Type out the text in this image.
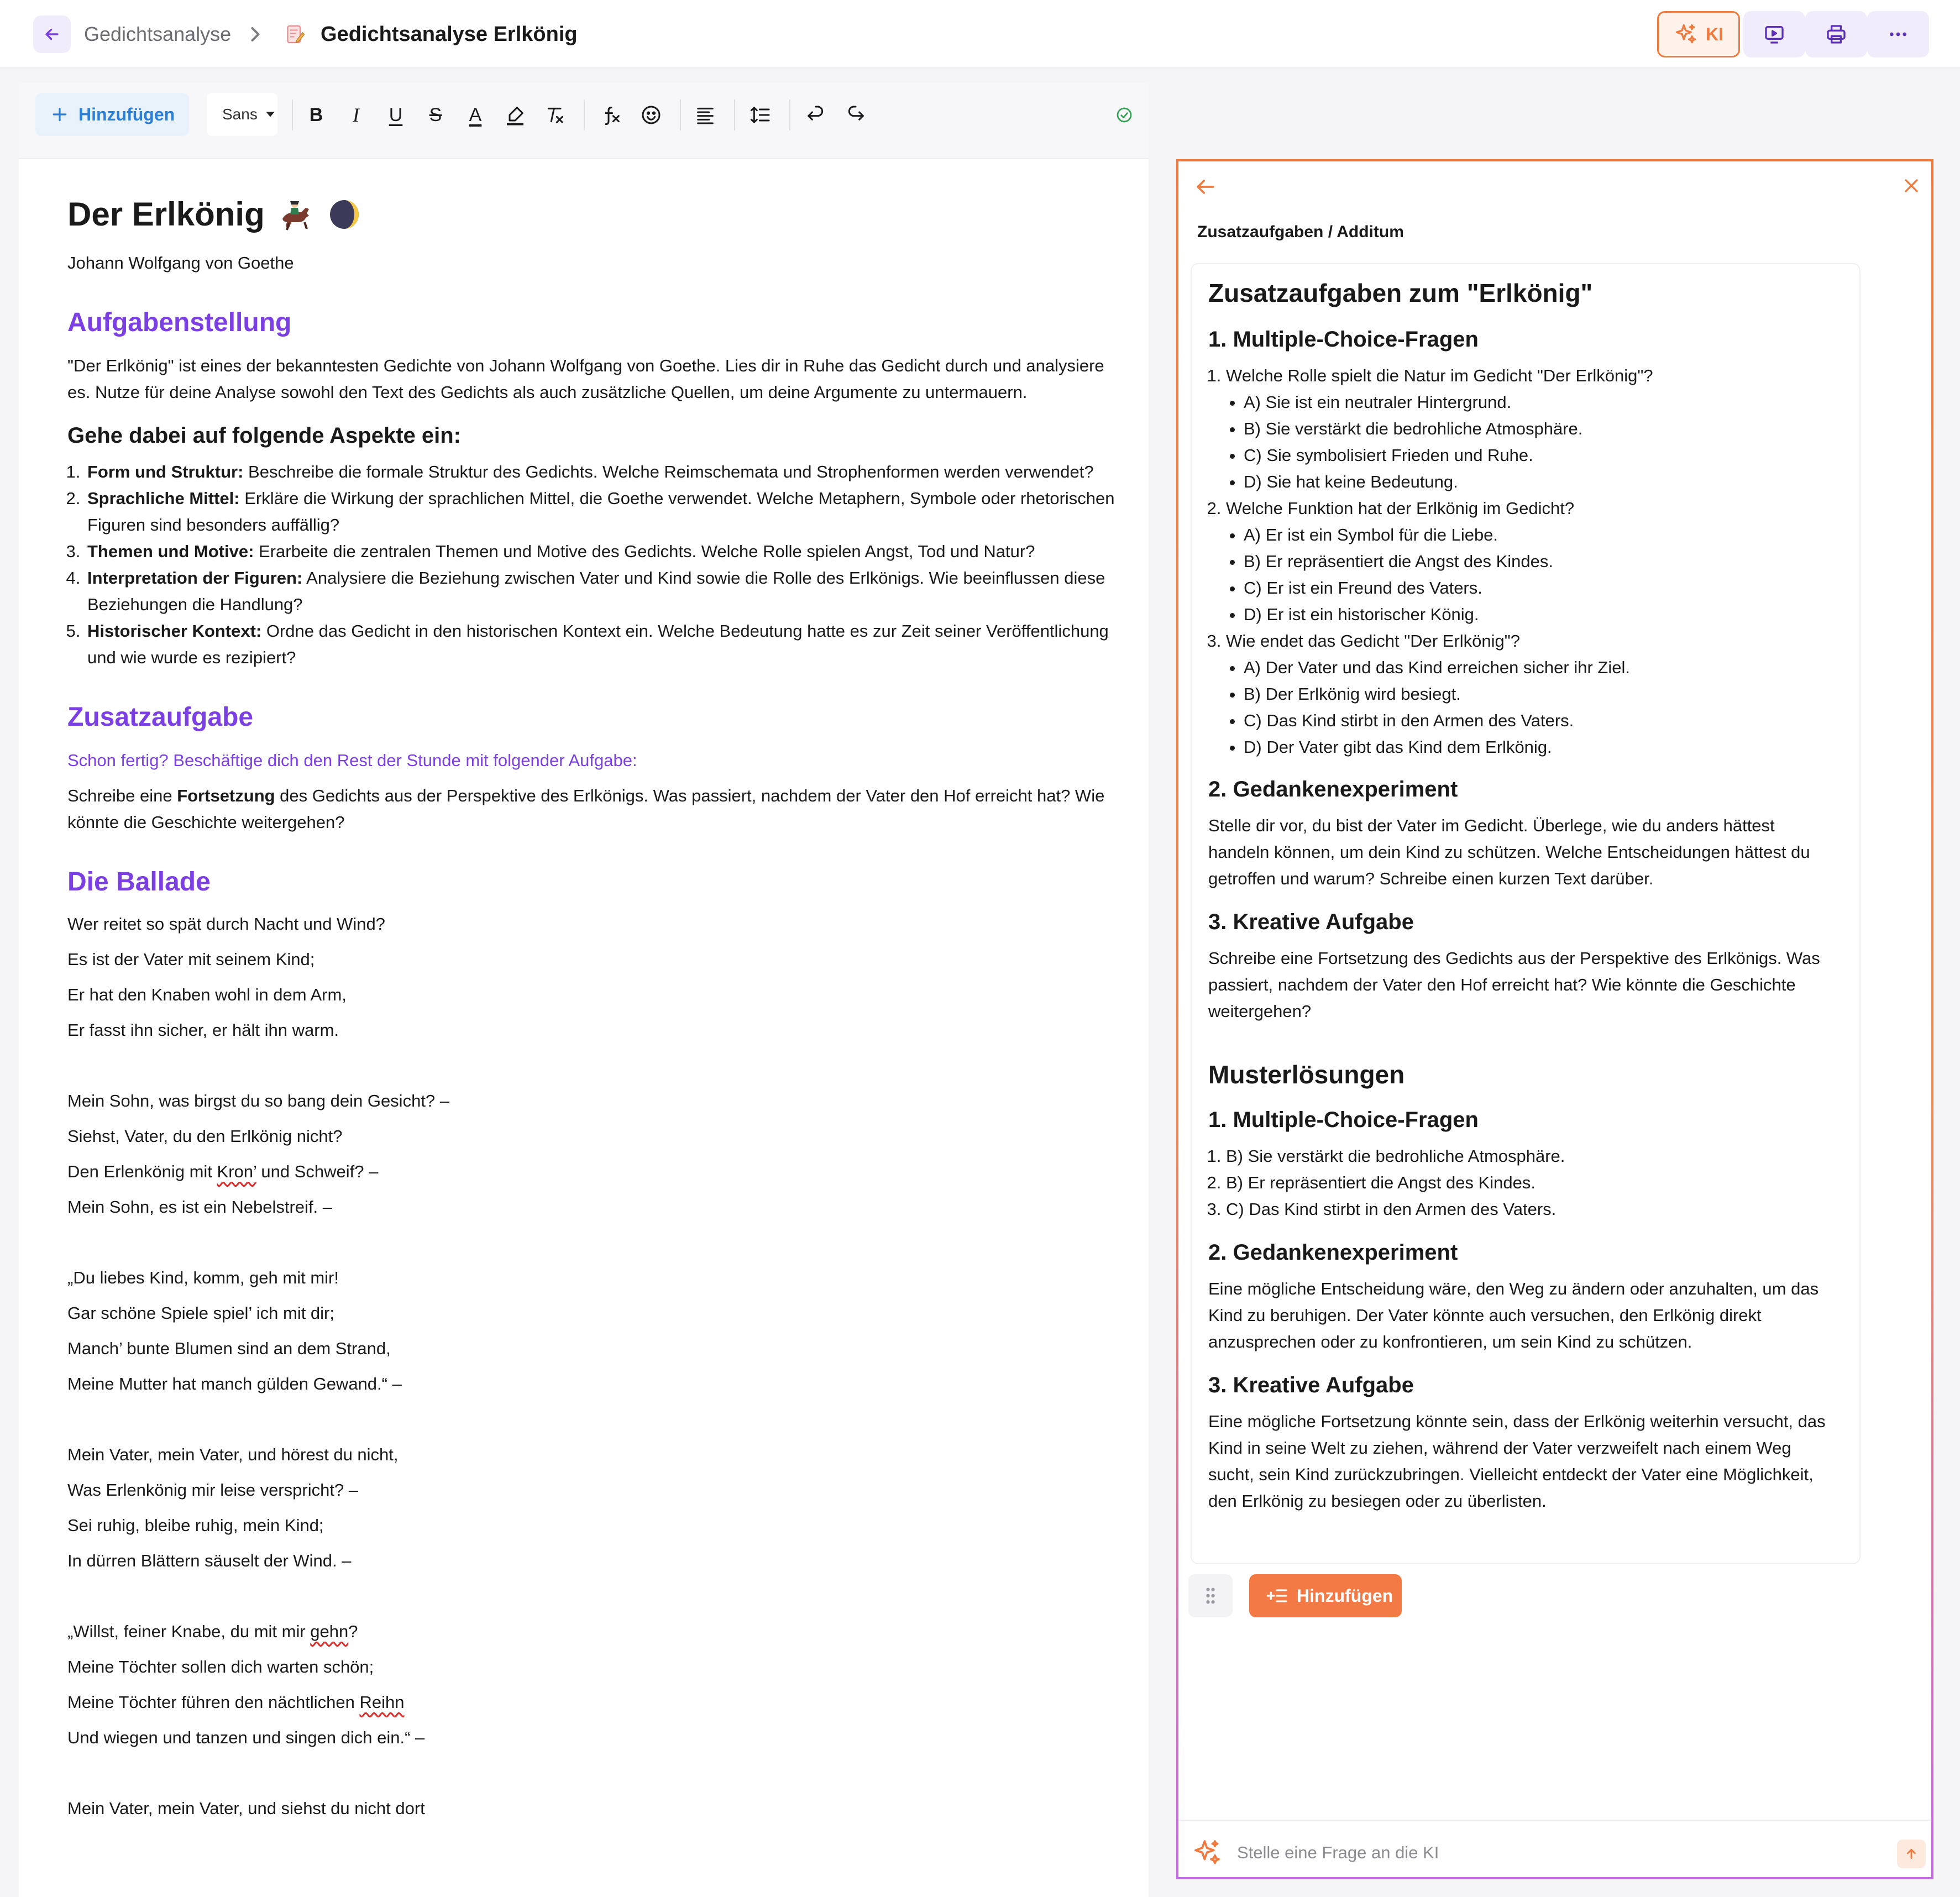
Gedichtsanalyse	Gedichtsanalyse Erlkönig	KI
Hinzufügen	Sans	B	I	U	S	A
Der Erlkönig
Johann Wolfgang von Goethe
Aufgabenstellung

"Der Erlkönig" ist eines der bekanntesten Gedichte von Johann Wolfgang von Goethe. Lies dir in Ruhe das Gedicht durch und analysiere es. Nutze für deine Analyse sowohl den Text des Gedichts als auch zusätzliche Quellen, um deine Argumente zu untermauern.

Gehe dabei auf folgende Aspekte ein:
1. Form und Struktur: Beschreibe die formale Struktur des Gedichts. Welche Reimschemata und Strophenformen werden verwendet?
2. Sprachliche Mittel: Erkläre die Wirkung der sprachlichen Mittel, die Goethe verwendet. Welche Metaphern, Symbole oder rhetorischen Figuren sind besonders auffällig?
3. Themen und Motive: Erarbeite die zentralen Themen und Motive des Gedichts. Welche Rolle spielen Angst, Tod und Natur?
4. Interpretation der Figuren: Analysiere die Beziehung zwischen Vater und Kind sowie die Rolle des Erlkönigs. Wie beeinflussen diese Beziehungen die Handlung?
5. Historischer Kontext: Ordne das Gedicht in den historischen Kontext ein. Welche Bedeutung hatte es zur Zeit seiner Veröffentlichung und wie wurde es rezipiert?
Zusatzaufgabe

Schon fertig? Beschäftige dich den Rest der Stunde mit folgender Aufgabe:

Schreibe eine Fortsetzung des Gedichts aus der Perspektive des Erlkönigs. Was passiert, nachdem der Vater den Hof erreicht hat? Wie könnte die Geschichte weitergehen?

Die Ballade
Wer reitet so spät durch Nacht und Wind?
Es ist der Vater mit seinem Kind;
Er hat den Knaben wohl in dem Arm,
Er fasst ihn sicher, er hält ihn warm.
Mein Sohn, was birgst du so bang dein Gesicht? –
Siehst, Vater, du den Erlkönig nicht?
Den Erlenkönig mit Kron’ und Schweif? –
Mein Sohn, es ist ein Nebelstreif. –
„Du liebes Kind, komm, geh mit mir!
Gar schöne Spiele spiel’ ich mit dir;
Manch’ bunte Blumen sind an dem Strand,
Meine Mutter hat manch gülden Gewand.“ –
Mein Vater, mein Vater, und hörest du nicht,
Was Erlenkönig mir leise verspricht? –
Sei ruhig, bleibe ruhig, mein Kind;
In dürren Blättern säuselt der Wind. –
„Willst, feiner Knabe, du mit mir gehn?
Meine Töchter sollen dich warten schön;
Meine Töchter führen den nächtlichen Reihn
Und wiegen und tanzen und singen dich ein.“ –
Mein Vater, mein Vater, und siehst du nicht dort
Zusatzaufgaben / Additum
Zusatzaufgaben zum "Erlkönig"
1. Multiple-Choice-Fragen
1. Welche Rolle spielt die Natur im Gedicht "Der Erlkönig"?
• A) Sie ist ein neutraler Hintergrund.
• B) Sie verstärkt die bedrohliche Atmosphäre.
• C) Sie symbolisiert Frieden und Ruhe.
• D) Sie hat keine Bedeutung.
2. Welche Funktion hat der Erlkönig im Gedicht?
• A) Er ist ein Symbol für die Liebe.
• B) Er repräsentiert die Angst des Kindes.
• C) Er ist ein Freund des Vaters.
• D) Er ist ein historischer König.
3. Wie endet das Gedicht "Der Erlkönig"?
• A) Der Vater und das Kind erreichen sicher ihr Ziel.
• B) Der Erlkönig wird besiegt.
• C) Das Kind stirbt in den Armen des Vaters.
• D) Der Vater gibt das Kind dem Erlkönig.
2. Gedankenexperiment

Stelle dir vor, du bist der Vater im Gedicht. Überlege, wie du anders hättest handeln können, um dein Kind zu schützen. Welche Entscheidungen hättest du getroffen und warum? Schreibe einen kurzen Text darüber.

3. Kreative Aufgabe

Schreibe eine Fortsetzung des Gedichts aus der Perspektive des Erlkönigs. Was passiert, nachdem der Vater den Hof erreicht hat? Wie könnte die Geschichte weitergehen?

Musterlösungen
1. Multiple-Choice-Fragen
1. B) Sie verstärkt die bedrohliche Atmosphäre.
2. B) Er repräsentiert die Angst des Kindes.
3. C) Das Kind stirbt in den Armen des Vaters.
2. Gedankenexperiment

Eine mögliche Entscheidung wäre, den Weg zu ändern oder anzuhalten, um das Kind zu beruhigen. Der Vater könnte auch versuchen, den Erlkönig direkt anzusprechen oder zu konfrontieren, um sein Kind zu schützen.

3. Kreative Aufgabe

Eine mögliche Fortsetzung könnte sein, dass der Erlkönig weiterhin versucht, das Kind in seine Welt zu ziehen, während der Vater verzweifelt nach einem Weg sucht, sein Kind zurückzubringen. Vielleicht entdeckt der Vater eine Möglichkeit, den Erlkönig zu besiegen oder zu überlisten.

Hinzufügen
Stelle eine Frage an die KI
